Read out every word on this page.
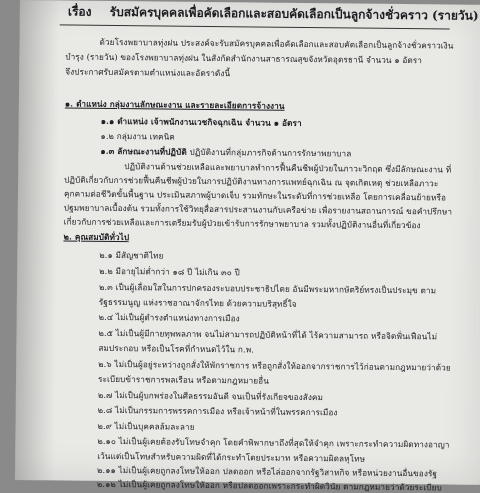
เรื่อง รับสมัครบุคคลเพื่อคัดเลือกและสอบคัดเลือกเป็นลูกจ้างชั่วคราว (รายวัน)
ด้วยโรงพยาบาลทุ่งฝน ประสงค์จะรับสมัครบุคคลเพื่อคัดเลือกและสอบคัดเลือกเป็นลูกจ้างชั่วคราวเงิน
บำรุง (รายวัน) ของโรงพยาบาลทุ่งฝน ในสังกัดสำนักงานสาธารณสุขจังหวัดอุดรธานี จำนวน ๑ อัตรา
จึงประกาศรับสมัครตามตำแหน่งและอัตราดังนี้
๑. ตำแหน่ง กลุ่มงานลักษณะงาน และรายละเอียดการจ้างงาน
๑.๑ ตำแหน่ง เจ้าพนักงานเวชกิจฉุกเฉิน จำนวน ๑ อัตรา
๑.๒ กลุ่มงาน เทคนิค
๑.๓ ลักษณะงานที่ปฏิบัติ ปฏิบัติงานที่กลุ่มภารกิจด้านการรักษาพยาบาล
ปฏิบัติงานด้านช่วยเหลือและพยาบาลทำการฟื้นคืนชีพผู้ป่วยในภาวะวิกฤต ซึ่งมีลักษณะงาน ที่
ปฏิบัติเกี่ยวกับการช่วยฟื้นคืนชีพผู้ป่วยในการปฏิบัติงานทางการแพทย์ฉุกเฉิน ณ จุดเกิดเหตุ ช่วยเหลือภาวะ
คุกคามต่อชีวิตขั้นพื้นฐาน ประเมินสภาพผู้บาดเจ็บ รวมทักษะในระดับที่การช่วยเหลือ โดยการเคลื่อนย้ายหรือ
ปฐมพยาบาลเบื้องต้น รวมทั้งการใช้วิทยุสื่อสารประสานงานกับเครือข่าย เพื่อรายงานสถานการณ์ ขอคำปรึกษา
เกี่ยวกับการช่วยเหลือและการเตรียมรับผู้ป่วยเข้ารับการรักษาพยาบาล รวมทั้งปฏิบัติงานอื่นที่เกี่ยวข้อง
๒. คุณสมบัติทั่วไป
๒.๑ มีสัญชาติไทย
๒.๒ มีอายุไม่ต่ำกว่า ๑๘ ปี ไม่เกิน ๓๐ ปี
๒.๓ เป็นผู้เลื่อมใสในการปกครองระบอบประชาธิปไตย อันมีพระมหากษัตริย์ทรงเป็นประมุข ตาม
รัฐธรรมนูญ แห่งราชอาณาจักรไทย ด้วยความบริสุทธิ์ใจ
๒.๔ ไม่เป็นผู้ดำรงตำแหน่งทางการเมือง
๒.๕ ไม่เป็นผู้มีกายทุพพลภาพ จนไม่สามารถปฏิบัติหน้าที่ได้ ไร้ความสามารถ หรือจิตฟั่นเฟือนไม่
สมประกอบ หรือเป็นโรคที่กำหนดไว้ใน ก.พ.
๒.๖ ไม่เป็นผู้อยู่ระหว่างถูกสั่งให้พักราชการ หรือถูกสั่งให้ออกจากราชการไว้ก่อนตามกฎหมายว่าด้วย
ระเบียบข้าราชการพลเรือน หรือตามกฎหมายอื่น
๒.๗ ไม่เป็นผู้บกพร่องในศีลธรรมอันดี จนเป็นที่รังเกียจของสังคม
๒.๘ ไม่เป็นกรรมการพรรคการเมือง หรือเจ้าหน้าที่ในพรรคการเมือง
๒.๙ ไม่เป็นบุคคลล้มละลาย
๒.๑๐ ไม่เป็นผู้เคยต้องรับโทษจำคุก โดยคำพิพากษาถึงที่สุดให้จำคุก เพราะกระทำความผิดทางอาญา
เว้นแต่เป็นโทษสำหรับความผิดที่ได้กระทำโดยประมาท หรือความผิดลหุโทษ
๒.๑๑ ไม่เป็นผู้เคยถูกลงโทษให้ออก ปลดออก หรือไล่ออกจากรัฐวิสาหกิจ หรือหน่วยงานอื่นของรัฐ
๒.๑๒ ไม่เป็นผู้เคยถูกลงโทษให้ออก หรือปลดออกเพราะกระทำผิดวินัย ตามกฎหมายว่าด้วยระเบียบ
